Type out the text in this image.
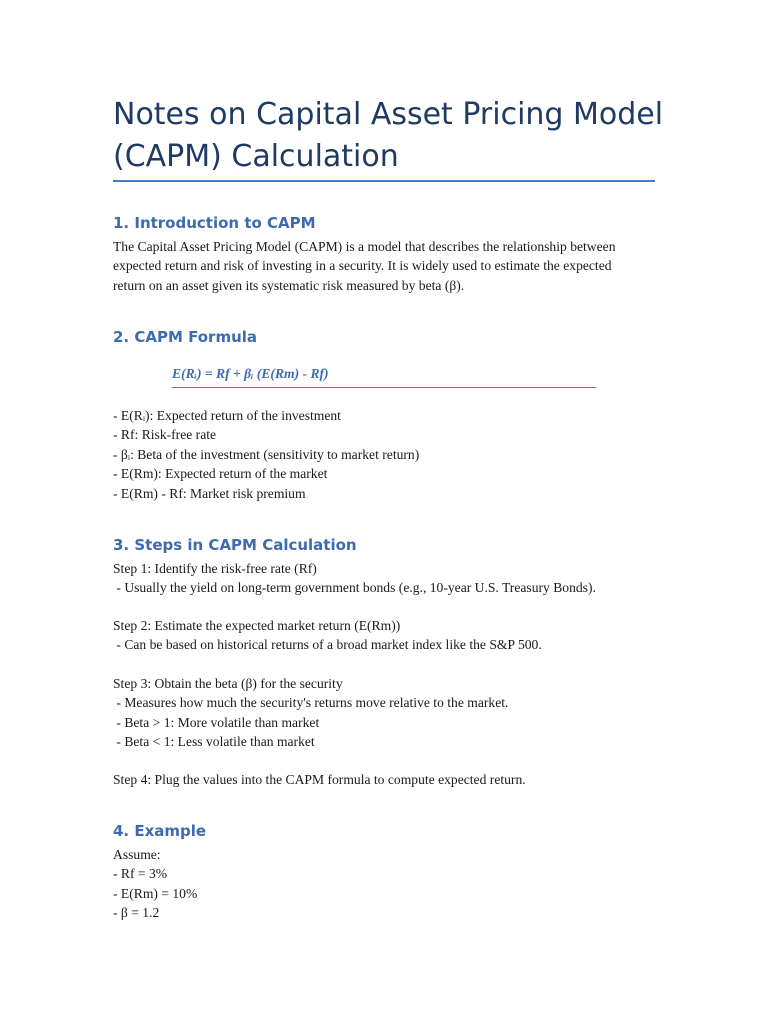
Notes on Capital Asset Pricing Model
(CAPM) Calculation
1. Introduction to CAPM
The Capital Asset Pricing Model (CAPM) is a model that describes the relationship between
expected return and risk of investing in a security. It is widely used to estimate the expected
return on an asset given its systematic risk measured by beta (β).
2. CAPM Formula
E(Rᵢ) = Rf + βᵢ (E(Rm) - Rf)
- E(Rᵢ): Expected return of the investment
- Rf: Risk-free rate
- βᵢ: Beta of the investment (sensitivity to market return)
- E(Rm): Expected return of the market
- E(Rm) - Rf: Market risk premium
3. Steps in CAPM Calculation
Step 1: Identify the risk-free rate (Rf)
- Usually the yield on long-term government bonds (e.g., 10-year U.S. Treasury Bonds).
Step 2: Estimate the expected market return (E(Rm))
- Can be based on historical returns of a broad market index like the S&P 500.
Step 3: Obtain the beta (β) for the security
- Measures how much the security's returns move relative to the market.
- Beta > 1: More volatile than market
- Beta < 1: Less volatile than market
Step 4: Plug the values into the CAPM formula to compute expected return.
4. Example
Assume:
- Rf = 3%
- E(Rm) = 10%
- β = 1.2
